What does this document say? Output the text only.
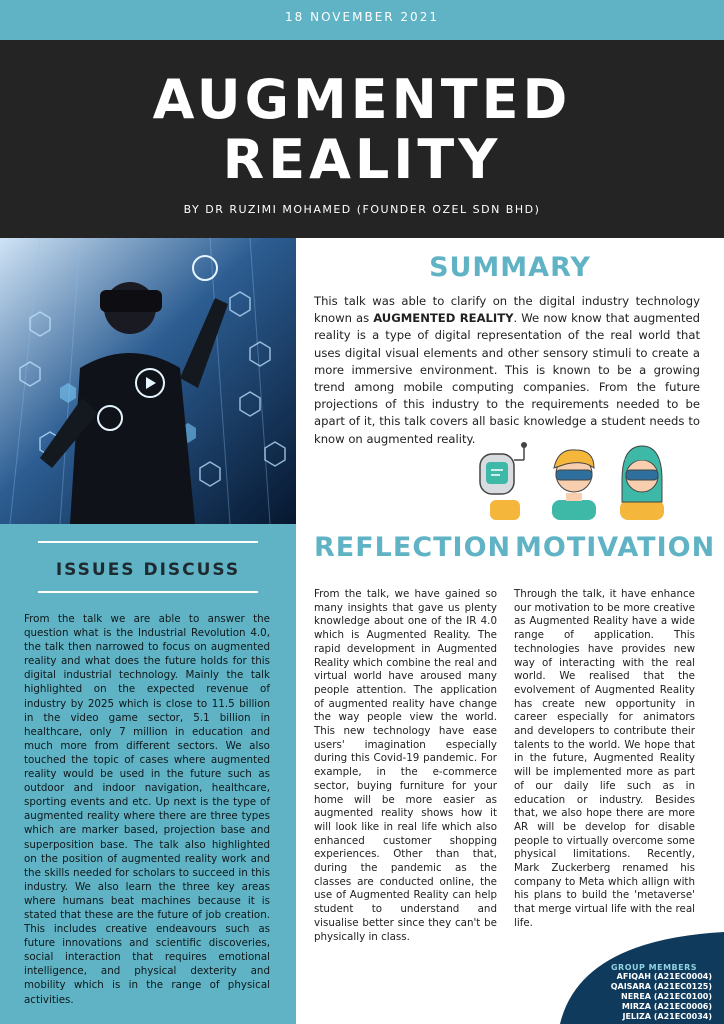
18 NOVEMBER 2021
AUGMENTED
REALITY
BY DR RUZIMI MOHAMED (FOUNDER OZEL SDN BHD)
ISSUES DISCUSS
From the talk we are able to answer the question what is the Industrial Revolution 4.0, the talk then narrowed to focus on augmented reality and what does the future holds for this digital industrial technology. Mainly the talk highlighted on the expected revenue of industry by 2025 which is close to 11.5 billion in the video game sector, 5.1 billion in healthcare, only 7 million in education and much more from different sectors. We also touched the topic of cases where augmented reality would be used in the future such as outdoor and indoor navigation, healthcare, sporting events and etc. Up next is the type of augmented reality where there are three types which are marker based, projection base and superposition base. The talk also highlighted on the position of augmented reality work and the skills needed for scholars to succeed in this industry. We also learn the three key areas where humans beat machines because it is stated that these are the future of job creation. This includes creative endeavours such as future innovations and scientific discoveries, social interaction that requires emotional intelligence, and physical dexterity and mobility which is in the range of physical activities.
SUMMARY
This talk was able to clarify on the digital industry technology known as AUGMENTED REALITY. We now know that augmented reality is a type of digital representation of the real world that uses digital visual elements and other sensory stimuli to create a more immersive environment. This is known to be a growing trend among mobile computing companies. From the future projections of this industry to the requirements needed to be apart of it, this talk covers all basic knowledge a student needs to know on augmented reality.
REFLECTION
From the talk, we have gained so many insights that gave us plenty knowledge about one of the IR 4.0 which is Augmented Reality. The rapid development in Augmented Reality which combine the real and virtual world have aroused many people attention. The application of augmented reality have change the way people view the world. This new technology have ease users' imagination especially during this Covid-19 pandemic. For example, in the e-commerce sector, buying furniture for your home will be more easier as augmented reality shows how it will look like in real life which also enhanced customer shopping experiences. Other than that, during the pandemic as the classes are conducted online, the use of Augmented Reality can help student to understand and visualise better since they can't be physically in class.
MOTIVATION
Through the talk, it have enhance our motivation to be more creative as Augmented Reality have a wide range of application. This technologies have provides new way of interacting with the real world. We realised that the evolvement of Augmented Reality has create new opportunity in career especially for animators and developers to contribute their talents to the world. We hope that in the future, Augmented Reality will be implemented more as part of our daily life such as in education or industry. Besides that, we also hope there are more AR will be develop for disable people to virtually overcome some physical limitations. Recently, Mark Zuckerberg renamed his company to Meta which allign with his plans to build the 'metaverse' that merge virtual life with the real life.
GROUP MEMBERS
AFIQAH (A21EC0004)
QAISARA (A21EC0125)
NEREA (A21EC0100)
MIRZA (A21EC0006)
JELIZA (A21EC0034)
